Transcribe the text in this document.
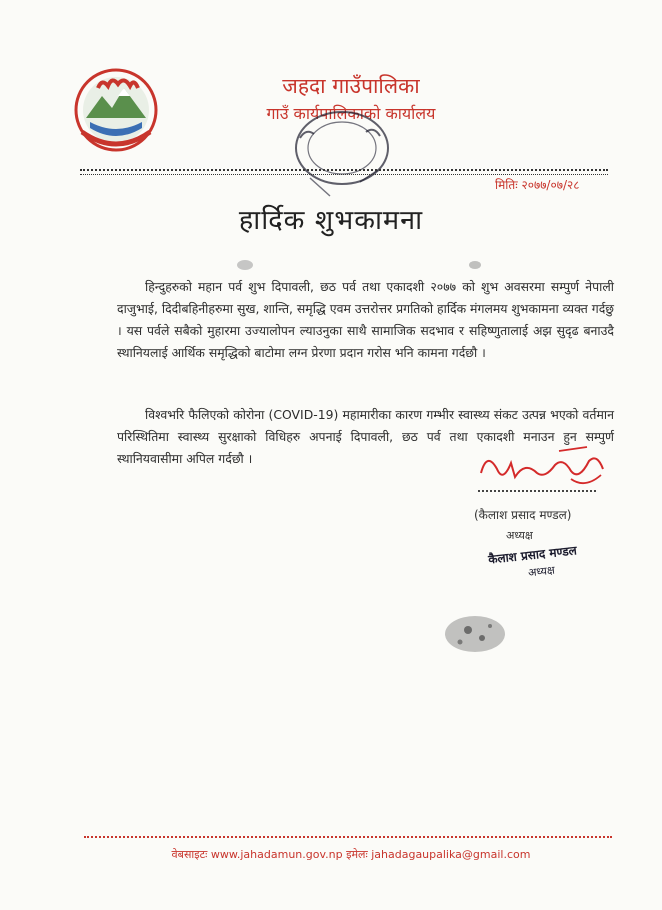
जहदा गाउँपालिका
गाउँ कार्यपालिकाको कार्यालय
मितिः २०७७/०७/२८
हार्दिक शुभकामना
हिन्दुहरुको महान पर्व शुभ दिपावली, छठ पर्व तथा एकादशी २०७७ को शुभ अवसरमा सम्पुर्ण नेपाली दाजुभाई, दिदीबहिनीहरुमा सुख, शान्ति, समृद्धि एवम उत्तरोत्तर प्रगतिको हार्दिक मंगलमय शुभकामना व्यक्त गर्दछु । यस पर्वले सबैको मुहारमा उज्यालोपन ल्याउनुका साथै सामाजिक सदभाव र सहिष्णुतालाई अझ सुदृढ बनाउदै स्थानियलाई आर्थिक समृद्धिको बाटोमा लग्न प्रेरणा प्रदान गरोस भनि कामना गर्दछौ ।
विश्वभरि फैलिएको कोरोना (COVID-19) महामारीका कारण गम्भीर स्वास्थ्य संकट उत्पन्न भएको वर्तमान परिस्थितिमा स्वास्थ्य सुरक्षाको विधिहरु अपनाई दिपावली, छठ पर्व तथा एकादशी मनाउन हुन सम्पुर्ण स्थानियवासीमा अपिल गर्दछौ ।
(कैलाश प्रसाद मण्डल)
अध्यक्ष
कैलाश प्रसाद मण्डल
अध्यक्ष
वेबसाइटः www.jahadamun.gov.np इमेलः jahadagaupalika@gmail.com
